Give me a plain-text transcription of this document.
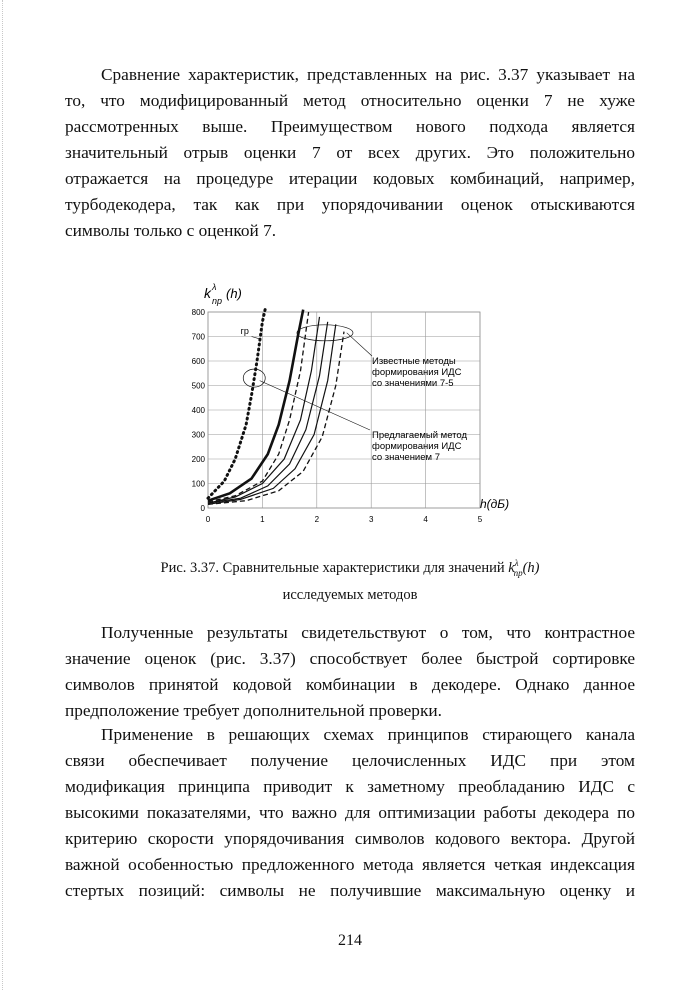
Сравнение характеристик, представленных на рис. 3.37 указывает на
то, что модифицированный метод относительно оценки 7 не хуже
рассмотренных выше. Преимуществом нового подхода является
значительный отрыв оценки 7 от всех других. Это положительно
отражается на процедуре итерации кодовых комбинаций, например,
турбодекодера, так как при упорядочивании оценок отыскиваются
символы только с оценкой 7.
0
100
200
300
400
500
600
700
800
0	1	2	3	4	5
гр
Известные методы
формирования ИДС
со значениями 7-5
Предлагаемый метод
формирования ИДС
со значением 7
k λ
np (h)
h(дБ)
Рис. 3.37. Сравнительные характеристики для значений $k^\lambda_{np}(h)$
исследуемых методов
Полученные результаты свидетельствуют о том, что контрастное
значение оценок (рис. 3.37) способствует более быстрой сортировке
символов принятой кодовой комбинации в декодере. Однако данное
предположение требует дополнительной проверки.
Применение в решающих схемах принципов стирающего канала
связи обеспечивает получение целочисленных ИДС при этом
модификация принципа приводит к заметному преобладанию ИДС с
высокими показателями, что важно для оптимизации работы декодера по
критерию скорости упорядочивания символов кодового вектора. Другой
важной особенностью предложенного метода является четкая индексация
стертых позиций: символы не получившие максимальную оценку и
214
